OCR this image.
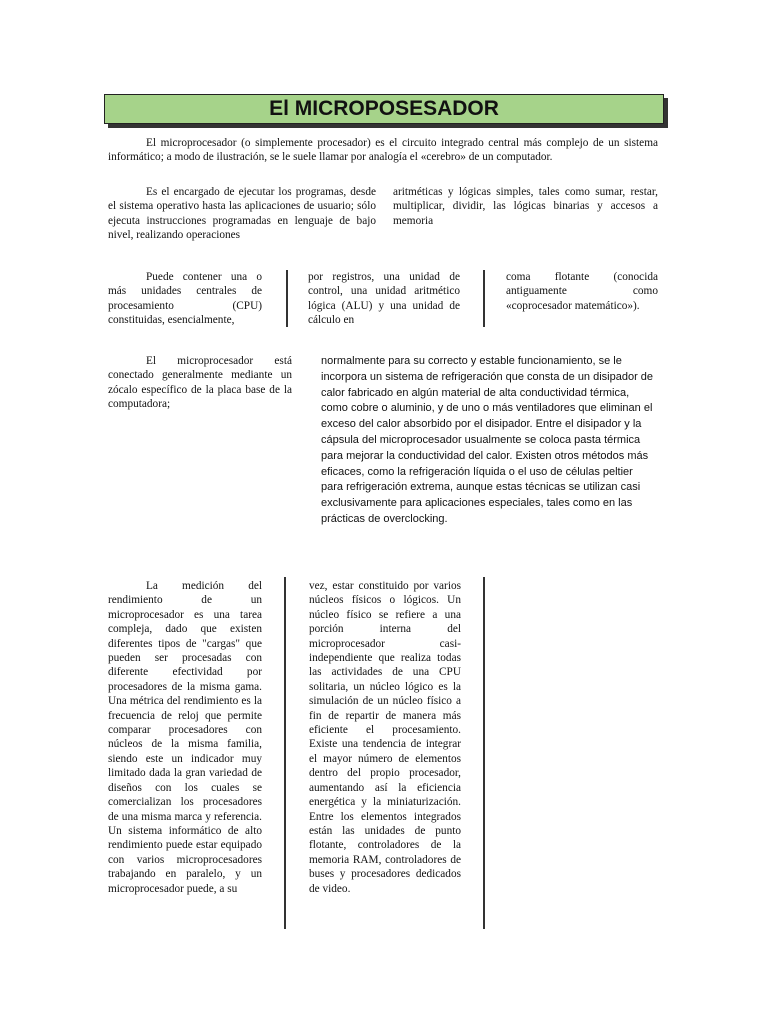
El MICROPOSESADOR
El microprocesador (o simplemente procesador) es el circuito integrado central más complejo de un sistema informático; a modo de ilustración, se le suele llamar por analogía el «cerebro» de un computador.
Es el encargado de ejecutar los programas, desde el sistema operativo hasta las aplicaciones de usuario; sólo ejecuta instrucciones programadas en lenguaje de bajo nivel, realizando operaciones
aritméticas y lógicas simples, tales como sumar, restar, multiplicar, dividir, las lógicas binarias y accesos a memoria
Puede contener una o más unidades centrales de procesamiento (CPU) constituidas, esencialmente,
por registros, una unidad de control, una unidad aritmético lógica (ALU) y una unidad de cálculo en
coma flotante (conocida antiguamente como «coprocesador matemático»).
El microprocesador está conectado generalmente mediante un zócalo específico de la placa base de la computadora;
normalmente para su correcto y estable funcionamiento, se le incorpora un sistema de refrigeración que consta de un disipador de calor fabricado en algún material de alta conductividad térmica, como cobre o aluminio, y de uno o más ventiladores que eliminan el exceso del calor absorbido por el disipador. Entre el disipador y la cápsula del microprocesador usualmente se coloca pasta térmica para mejorar la conductividad del calor. Existen otros métodos más eficaces, como la refrigeración líquida o el uso de células peltier para refrigeración extrema, aunque estas técnicas se utilizan casi exclusivamente para aplicaciones especiales, tales como en las prácticas de overclocking.
La medición del rendimiento de un microprocesador es una tarea compleja, dado que existen diferentes tipos de "cargas" que pueden ser procesadas con diferente efectividad por procesadores de la misma gama. Una métrica del rendimiento es la frecuencia de reloj que permite comparar procesadores con núcleos de la misma familia, siendo este un indicador muy limitado dada la gran variedad de diseños con los cuales se comercializan los procesadores de una misma marca y referencia. Un sistema informático de alto rendimiento puede estar equipado con varios microprocesadores trabajando en paralelo, y un microprocesador puede, a su
vez, estar constituido por varios núcleos físicos o lógicos. Un núcleo físico se refiere a una porción interna del microprocesador casi-independiente que realiza todas las actividades de una CPU solitaria, un núcleo lógico es la simulación de un núcleo físico a fin de repartir de manera más eficiente el procesamiento. Existe una tendencia de integrar el mayor número de elementos dentro del propio procesador, aumentando así la eficiencia energética y la miniaturización. Entre los elementos integrados están las unidades de punto flotante, controladores de la memoria RAM, controladores de buses y procesadores dedicados de video.
